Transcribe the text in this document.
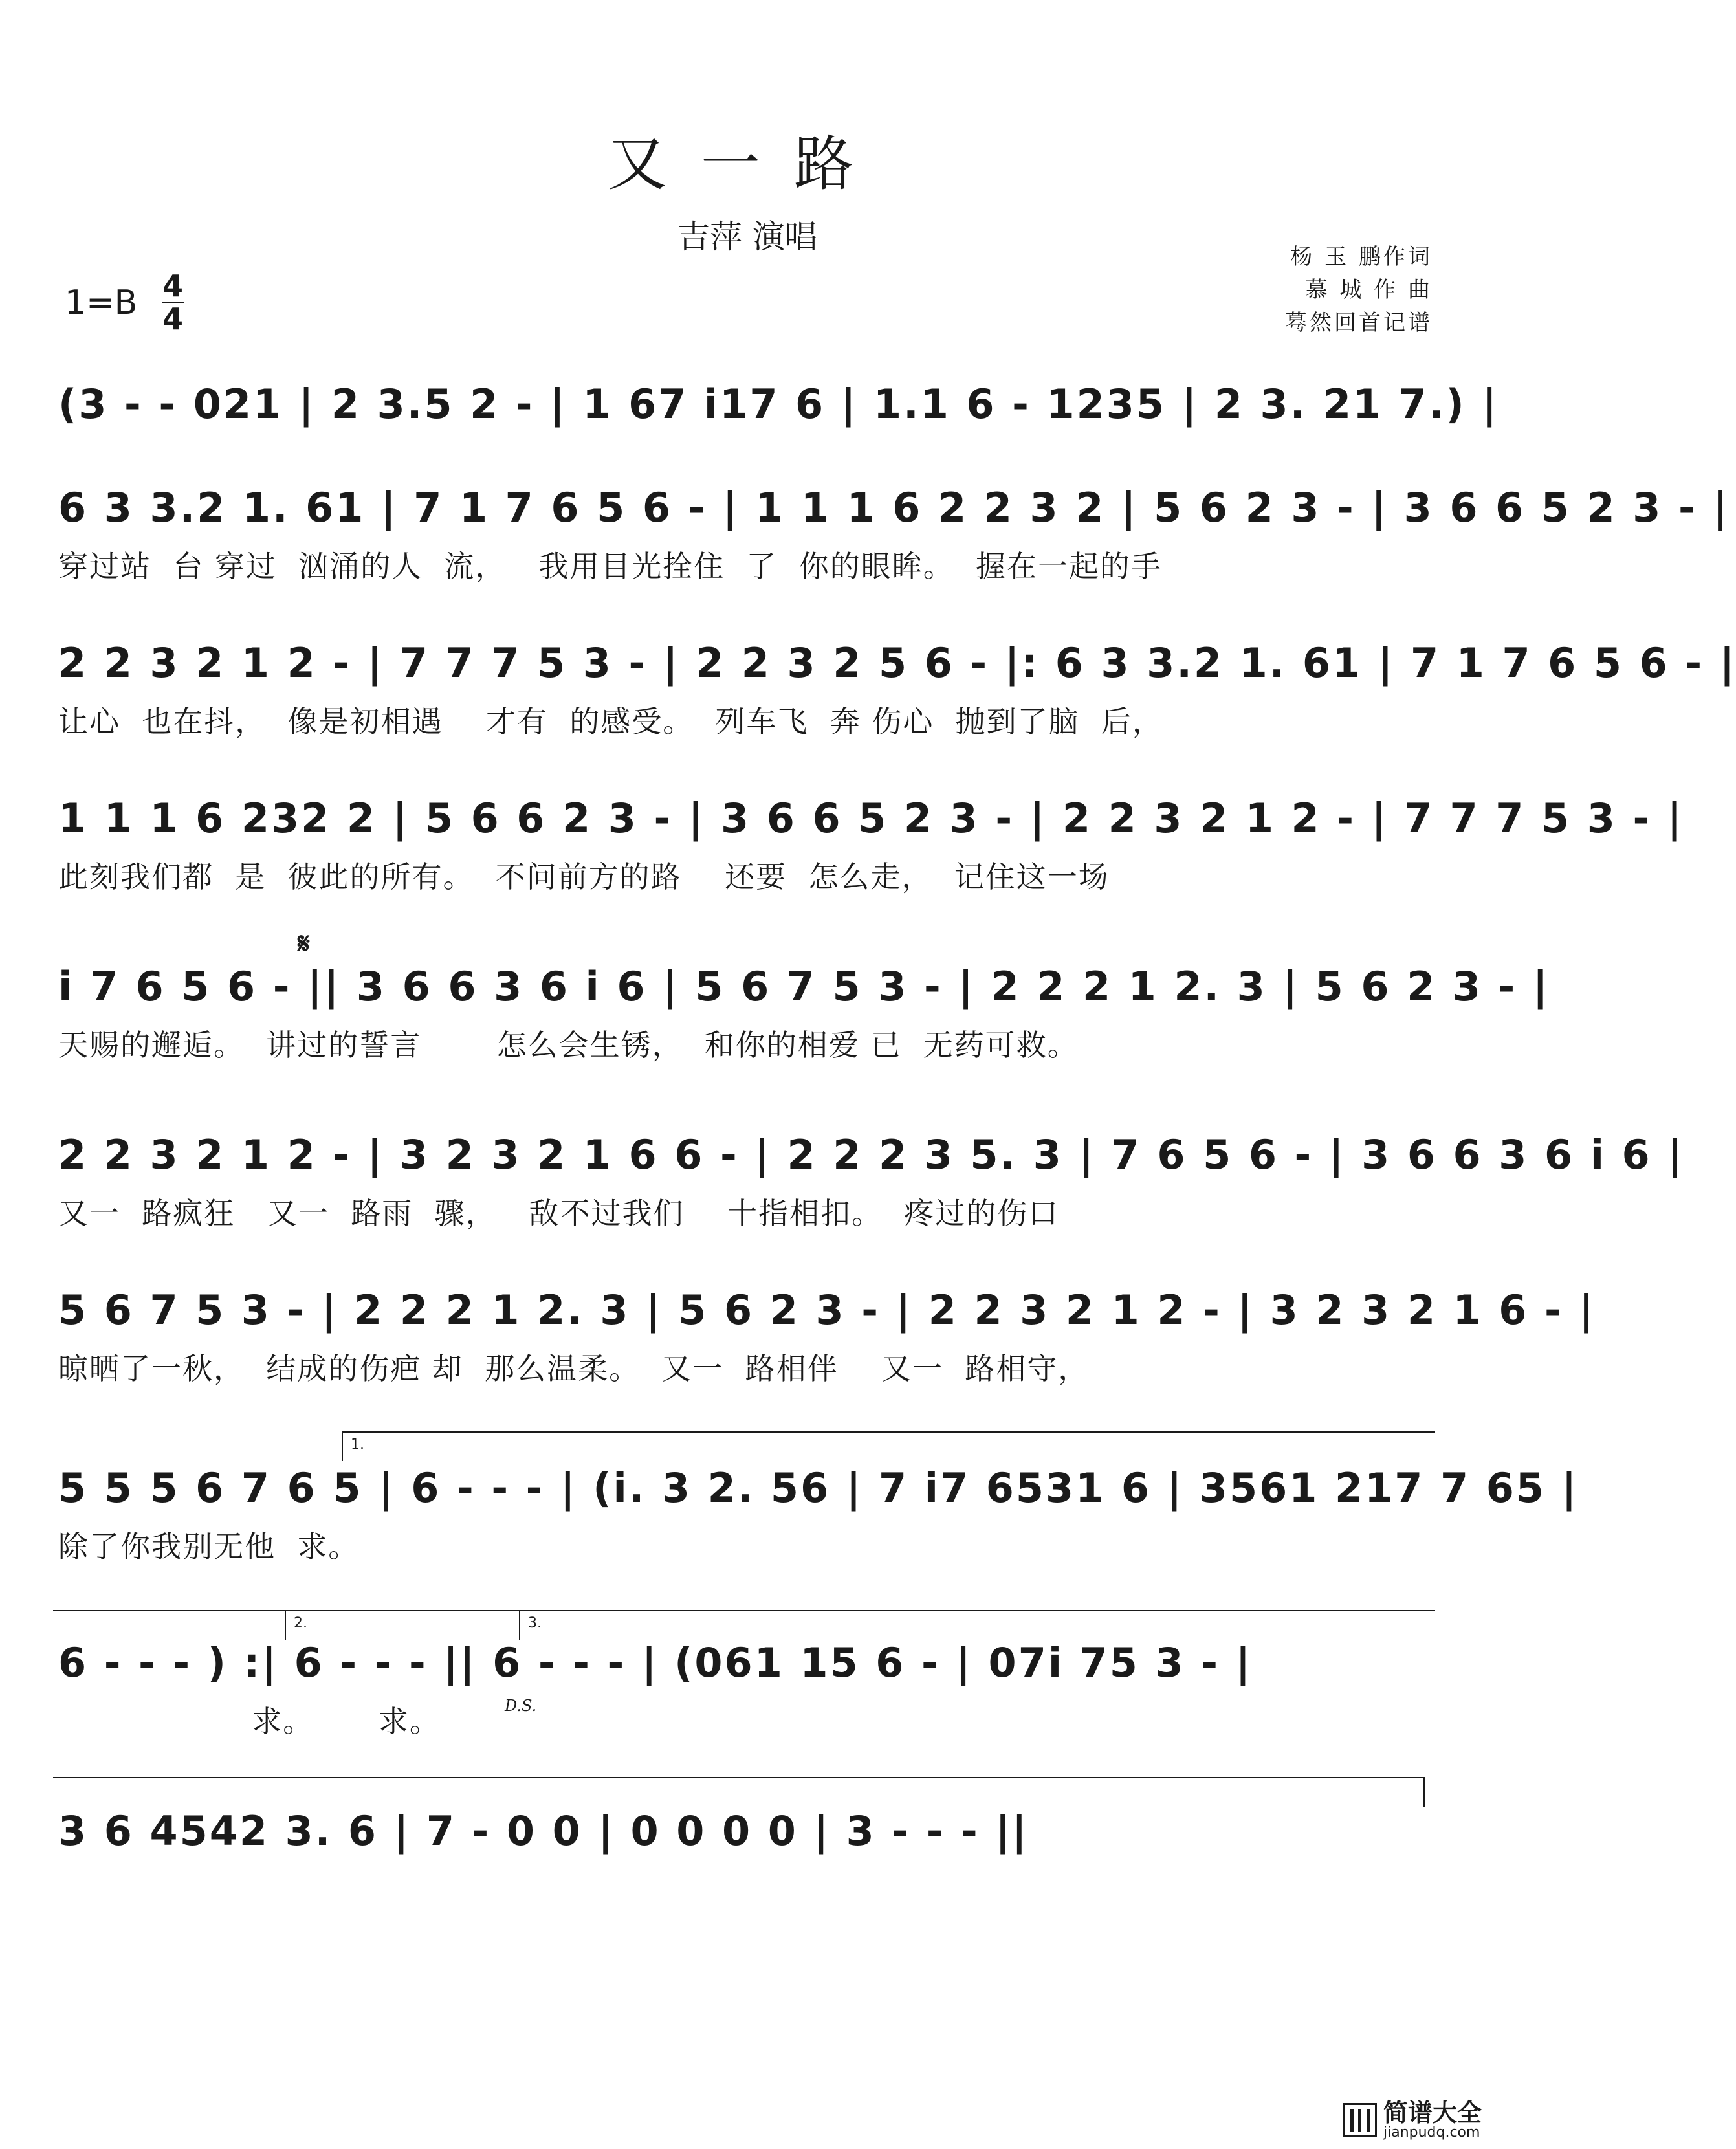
又一路
吉萍 演唱
杨 玉 鹏作词
慕 城 作 曲
蓦然回首记谱
1=B 4
4
(3 - - 021 | 2 3.5 2 - | 1 67 i17 6 | 1.1 6 - 1235 | 2 3. 21 7.) |
6 3 3.2 1. 61 | 7 1 7 6 5 6 - | 1 1 1 6 2 2 3 2 | 5 6 2 3 - | 3 6 6 5 2 3 - |
穿过站  台 穿过  汹涌的人  流，   我用目光拴住  了  你的眼眸。  握在一起的手
2 2 3 2 1 2 - | 7 7 7 5 3 - | 2 2 3 2 5 6 - |: 6 3 3.2 1. 61 | 7 1 7 6 5 6 - |
让心  也在抖，  像是初相遇    才有  的感受。  列车飞  奔 伤心  抛到了脑  后，
1 1 1 6 232 2 | 5 6 6 2 3 - | 3 6 6 5 2 3 - | 2 2 3 2 1 2 - | 7 7 7 5 3 - |
此刻我们都  是  彼此的所有。  不问前方的路    还要  怎么走，  记住这一场
𝄋
i 7 6 5 6 - || 3 6 6 3 6 i 6 | 5 6 7 5 3 - | 2 2 2 1 2. 3 | 5 6 2 3 - |
天赐的邂逅。  讲过的誓言       怎么会生锈，  和你的相爱 已  无药可救。
2 2 3 2 1 2 - | 3 2 3 2 1 6 6 - | 2 2 2 3 5. 3 | 7 6 5 6 - | 3 6 6 3 6 i 6 |
又一  路疯狂   又一  路雨  骤，   敌不过我们    十指相扣。  疼过的伤口
5 6 7 5 3 - | 2 2 2 1 2. 3 | 5 6 2 3 - | 2 2 3 2 1 2 - | 3 2 3 2 1 6 - |
晾晒了一秋，  结成的伤疤 却  那么温柔。  又一  路相伴    又一  路相守，
1.
5 5 5 6 7 6 5 | 6 - - - | (i. 3 2. 56 | 7 i7 6531 6 | 3561 217 7 65 |
除了你我别无他  求。
2.	3.
D.S.
6 - - - ) :| 6 - - - || 6 - - - | (061 15 6 - | 07i 75 3 - |
求。      求。
3 6 4542 3. 6 | 7 - 0 0 | 0 0 0 0 | 3 - - - ||
简谱大全
jianpudq.com
